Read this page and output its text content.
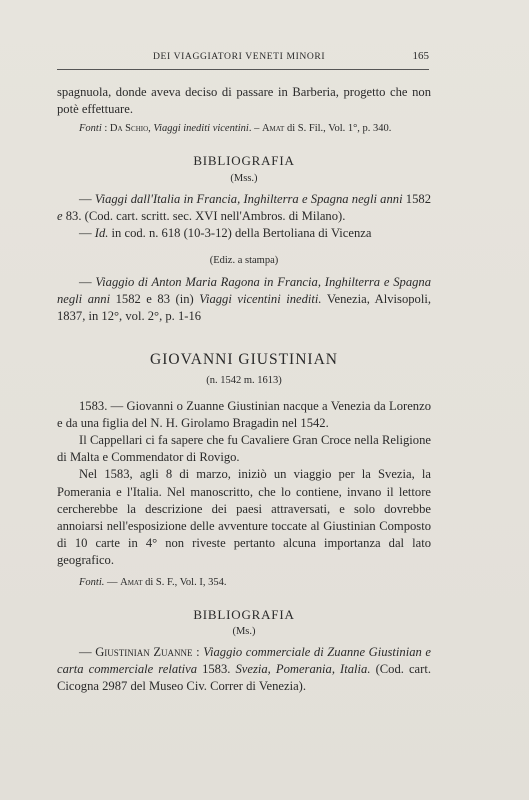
DEI VIAGGIATORI VENETI MINORI	165

spagnuola, donde aveva deciso di passare in Barberia, progetto che non potè effettuare.

Fonti : Da Schio, Viaggi inediti vicentini. – Amat di S. Fil., Vol. 1°, p. 340.

BIBLIOGRAFIA

(Mss.)

— Viaggi dall'Italia in Francia, Inghilterra e Spagna negli anni 1582 e 83. (Cod. cart. scritt. sec. XVI nell'Ambros. di Milano).

— Id. in cod. n. 618 (10-3-12) della Bertoliana di Vicenza

(Ediz. a stampa)

— Viaggio di Anton Maria Ragona in Francia, Inghilterra e Spagna negli anni 1582 e 83 (in) Viaggi vicentini inediti. Venezia, Alvisopoli, 1837, in 12°, vol. 2°, p. 1-16

GIOVANNI GIUSTINIAN

(n. 1542 m. 1613)

1583. — Giovanni o Zuanne Giustinian nacque a Venezia da Lorenzo e da una figlia del N. H. Girolamo Bragadin nel 1542.

Il Cappellari ci fa sapere che fu Cavaliere Gran Croce nella Religione di Malta e Commendator di Rovigo.

Nel 1583, agli 8 di marzo, iniziò un viaggio per la Svezia, la Pomerania e l'Italia. Nel manoscritto, che lo contiene, invano il lettore cercherebbe la descrizione dei paesi attraversati, e solo dovrebbe annoiarsi nell'esposizione delle avventure toccate al Giustinian Composto di 10 carte in 4° non riveste pertanto alcuna importanza dal lato geografico.

Fonti. — Amat di S. F., Vol. I, 354.

BIBLIOGRAFIA

(Ms.)

— Giustinian Zuanne : Viaggio commerciale di Zuanne Giustinian e carta commerciale relativa 1583. Svezia, Pomerania, Italia. (Cod. cart. Cicogna 2987 del Museo Civ. Correr di Venezia).
